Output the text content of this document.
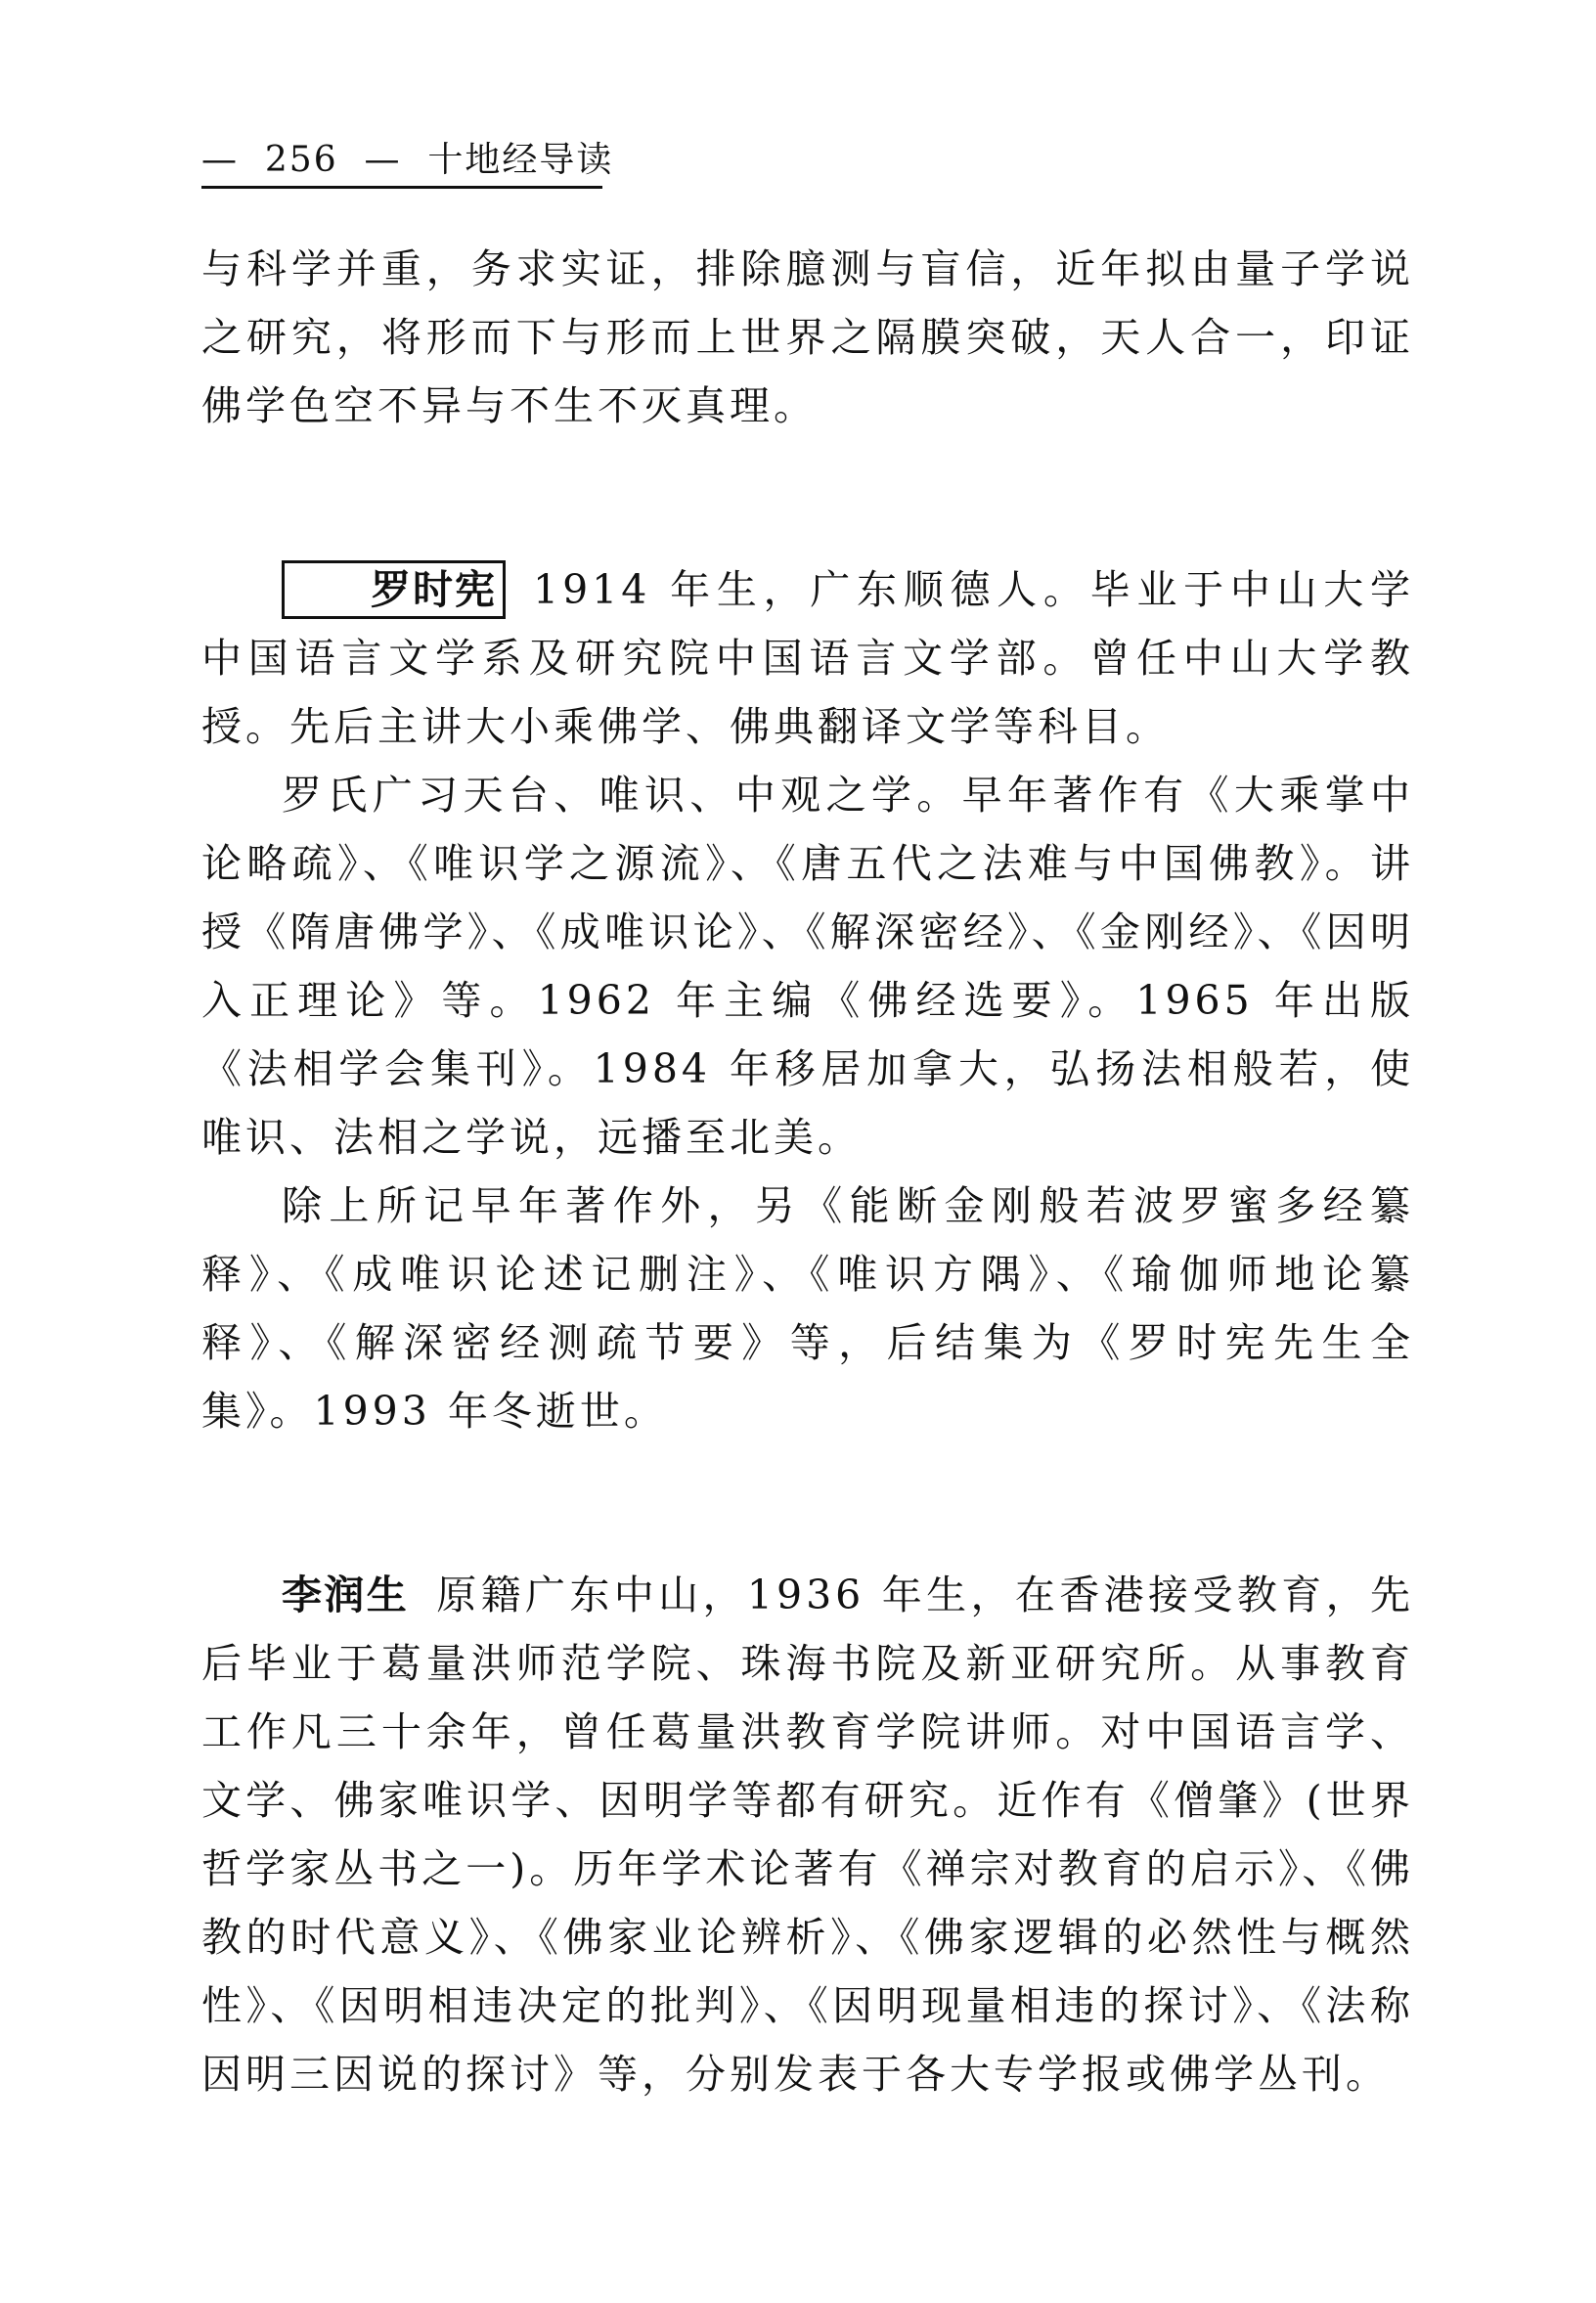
—  256  —  十地经导读

与科学并重，务求实证，排除臆测与盲信，近年拟由量子学说之研究，将形而下与形而上世界之隔膜突破，天人合一，印证佛学色空不异与不生不灭真理。

罗时宪 1914 年生，广东顺德人。毕业于中山大学中国语言文学系及研究院中国语言文学部。曾任中山大学教授。先后主讲大小乘佛学、佛典翻译文学等科目。

罗氏广习天台、唯识、中观之学。早年著作有《大乘掌中论略疏》、《唯识学之源流》、《唐五代之法难与中国佛教》。讲授《隋唐佛学》、《成唯识论》、《解深密经》、《金刚经》、《因明入正理论》等。1962 年主编《佛经选要》。1965 年出版《法相学会集刊》。1984 年移居加拿大，弘扬法相般若，使唯识、法相之学说，远播至北美。

除上所记早年著作外，另《能断金刚般若波罗蜜多经纂释》、《成唯识论述记删注》、《唯识方隅》、《瑜伽师地论纂释》、《解深密经测疏节要》等，后结集为《罗时宪先生全集》。1993 年冬逝世。

李润生 原籍广东中山，1936 年生，在香港接受教育，先后毕业于葛量洪师范学院、珠海书院及新亚研究所。从事教育工作凡三十余年，曾任葛量洪教育学院讲师。对中国语言学、文学、佛家唯识学、因明学等都有研究。近作有《僧肇》(世界哲学家丛书之一)。历年学术论著有《禅宗对教育的启示》、《佛教的时代意义》、《佛家业论辨析》、《佛家逻辑的必然性与概然性》、《因明相违决定的批判》、《因明现量相违的探讨》、《法称因明三因说的探讨》等，分别发表于各大专学报或佛学丛刊。
